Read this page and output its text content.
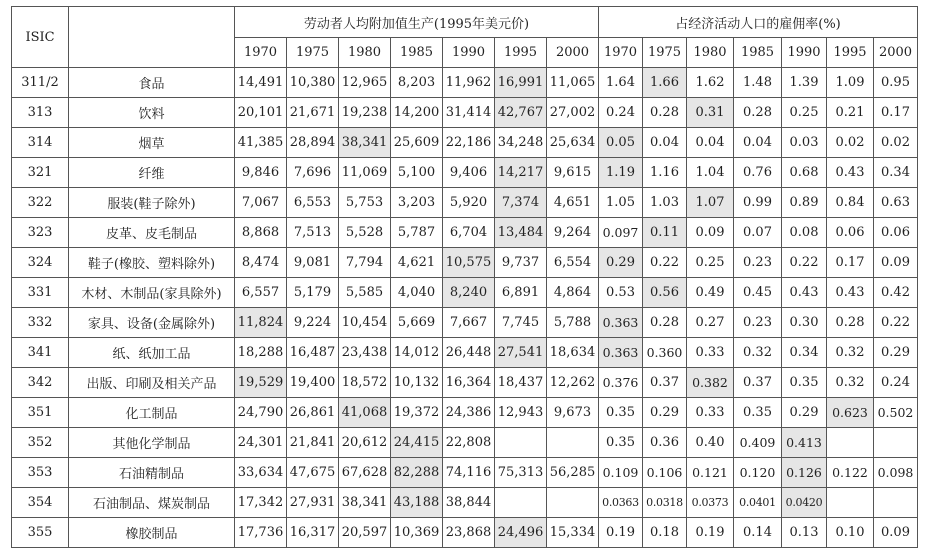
ISIC		劳动者人均附加值生产(1995年美元价)							占经济活动人口的雇佣率(%)						
		1970	1975	1980	1985	1990	1995	2000	1970	1975	1980	1985	1990	1995	2000
311/2	食品	14,491	10,380	12,965	8,203	11,962	16,991	11,065	1.64	1.66	1.62	1.48	1.39	1.09	0.95
313	饮料	20,101	21,671	19,238	14,200	31,414	42,767	27,002	0.24	0.28	0.31	0.28	0.25	0.21	0.17
314	烟草	41,385	28,894	38,341	25,609	22,186	34,248	25,634	0.05	0.04	0.04	0.04	0.03	0.02	0.02
321	纤维	9,846	7,696	11,069	5,100	9,406	14,217	9,615	1.19	1.16	1.04	0.76	0.68	0.43	0.34
322	服装(鞋子除外)	7,067	6,553	5,753	3,203	5,920	7,374	4,651	1.05	1.03	1.07	0.99	0.89	0.84	0.63
323	皮革、皮毛制品	8,868	7,513	5,528	5,787	6,704	13,484	9,264	0.097	0.11	0.09	0.07	0.08	0.06	0.06
324	鞋子(橡胶、塑料除外)	8,474	9,081	7,794	4,621	10,575	9,737	6,554	0.29	0.22	0.25	0.23	0.22	0.17	0.09
331	木材、木制品(家具除外)	6,557	5,179	5,585	4,040	8,240	6,891	4,864	0.53	0.56	0.49	0.45	0.43	0.43	0.42
332	家具、设备(金属除外)	11,824	9,224	10,454	5,669	7,667	7,745	5,788	0.363	0.28	0.27	0.23	0.30	0.28	0.22
341	纸、纸加工品	18,288	16,487	23,438	14,012	26,448	27,541	18,634	0.363	0.360	0.33	0.32	0.34	0.32	0.29
342	出版、印刷及相关产品	19,529	19,400	18,572	10,132	16,364	18,437	12,262	0.376	0.37	0.382	0.37	0.35	0.32	0.24
351	化工制品	24,790	26,861	41,068	19,372	24,386	12,943	9,673	0.35	0.29	0.33	0.35	0.29	0.623	0.502
352	其他化学制品	24,301	21,841	20,612	24,415	22,808			0.35	0.36	0.40	0.409	0.413		
353	石油精制品	33,634	47,675	67,628	82,288	74,116	75,313	56,285	0.109	0.106	0.121	0.120	0.126	0.122	0.098
354	石油制品、煤炭制品	17,342	27,931	38,341	43,188	38,844			0.0363	0.0318	0.0373	0.0401	0.0420		
355	橡胶制品	17,736	16,317	20,597	10,369	23,868	24,496	15,334	0.19	0.18	0.19	0.14	0.13	0.10	0.09
